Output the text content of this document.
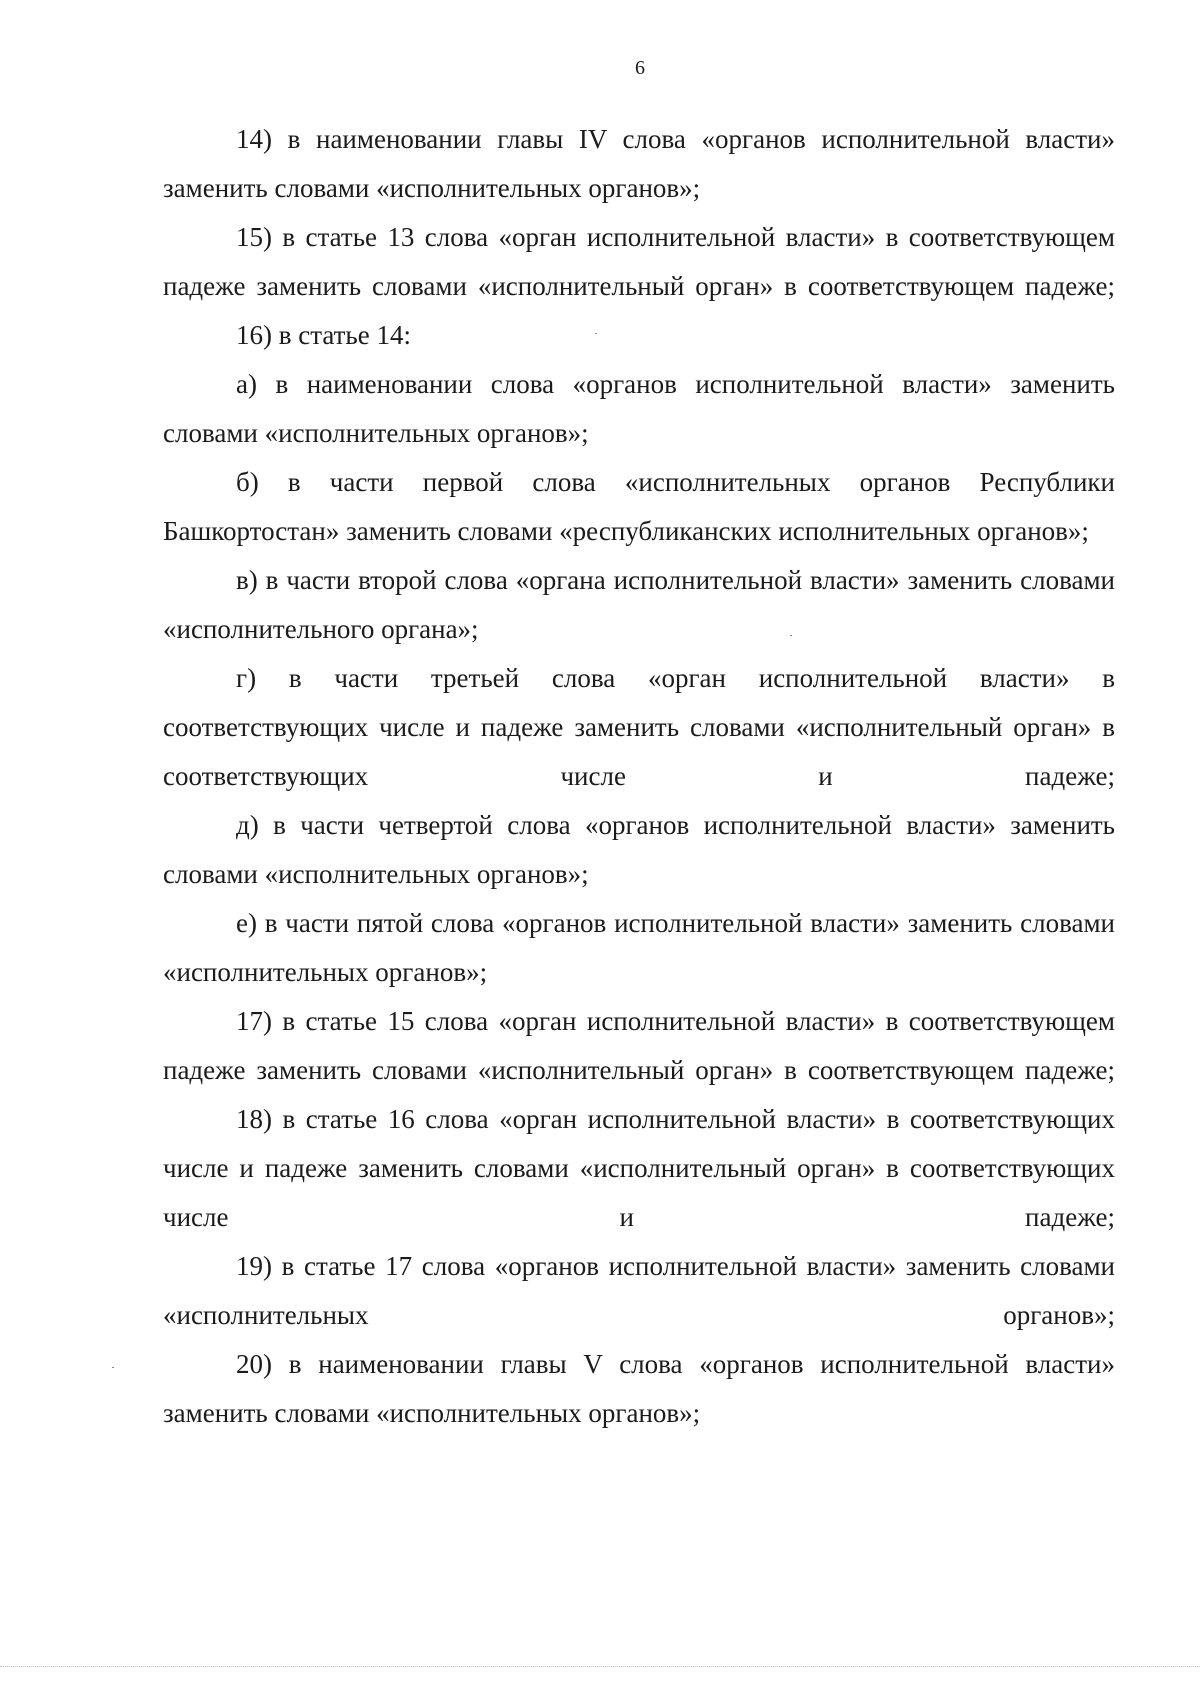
6

14) в наименовании главы IV слова «органов исполнительной власти» заменить словами «исполнительных органов»;

15) в статье 13 слова «орган исполнительной власти» в соответствующем падеже заменить словами «исполнительный орган» в соответствующем падеже;

16) в статье 14:

а) в наименовании слова «органов исполнительной власти» заменить словами «исполнительных органов»;

б) в части первой слова «исполнительных органов Республики Башкортостан» заменить словами «республиканских исполнительных органов»;

в) в части второй слова «органа исполнительной власти» заменить словами «исполнительного органа»;

г) в части третьей слова «орган исполнительной власти» в соответствующих числе и падеже заменить словами «исполнительный орган» в соответствующих числе и падеже;

д) в части четвертой слова «органов исполнительной власти» заменить словами «исполнительных органов»;

е) в части пятой слова «органов исполнительной власти» заменить словами «исполнительных органов»;

17) в статье 15 слова «орган исполнительной власти» в соответствующем падеже заменить словами «исполнительный орган» в соответствующем падеже;

18) в статье 16 слова «орган исполнительной власти» в соответствующих числе и падеже заменить словами «исполнительный орган» в соответствующих числе и падеже;

19) в статье 17 слова «органов исполнительной власти» заменить словами «исполнительных органов»;

20) в наименовании главы V слова «органов исполнительной власти» заменить словами «исполнительных органов»;
